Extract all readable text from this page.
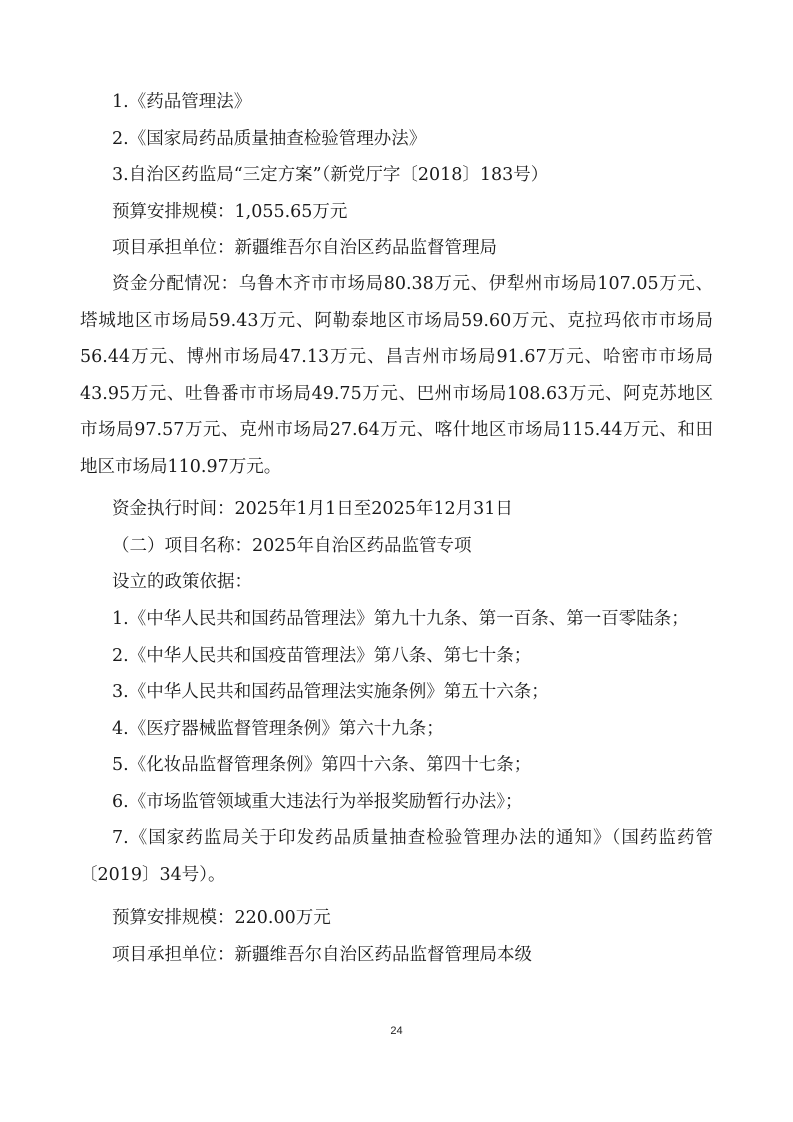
1.《药品管理法》
2.《国家局药品质量抽查检验管理办法》
3.自治区药监局“三定方案”（新党厅字〔2018〕183号）
预算安排规模：1,055.65万元
项目承担单位：新疆维吾尔自治区药品监督管理局
资金分配情况：乌鲁木齐市市场局80.38万元、伊犁州市场局107.05万元、塔城地区市场局59.43万元、阿勒泰地区市场局59.60万元、克拉玛依市市场局56.44万元、博州市场局47.13万元、昌吉州市场局91.67万元、哈密市市场局43.95万元、吐鲁番市市场局49.75万元、巴州市场局108.63万元、阿克苏地区市场局97.57万元、克州市场局27.64万元、喀什地区市场局115.44万元、和田地区市场局110.97万元。
资金执行时间：2025年1月1日至2025年12月31日
（二）项目名称：2025年自治区药品监管专项
设立的政策依据：
1.《中华人民共和国药品管理法》第九十九条、第一百条、第一百零陆条；
2.《中华人民共和国疫苗管理法》第八条、第七十条；
3.《中华人民共和国药品管理法实施条例》第五十六条；
4.《医疗器械监督管理条例》第六十九条；
5.《化妆品监督管理条例》第四十六条、第四十七条；
6.《市场监管领域重大违法行为举报奖励暂行办法》；
7.《国家药监局关于印发药品质量抽查检验管理办法的通知》（国药监药管〔2019〕34号）。
预算安排规模：220.00万元
项目承担单位：新疆维吾尔自治区药品监督管理局本级
24
